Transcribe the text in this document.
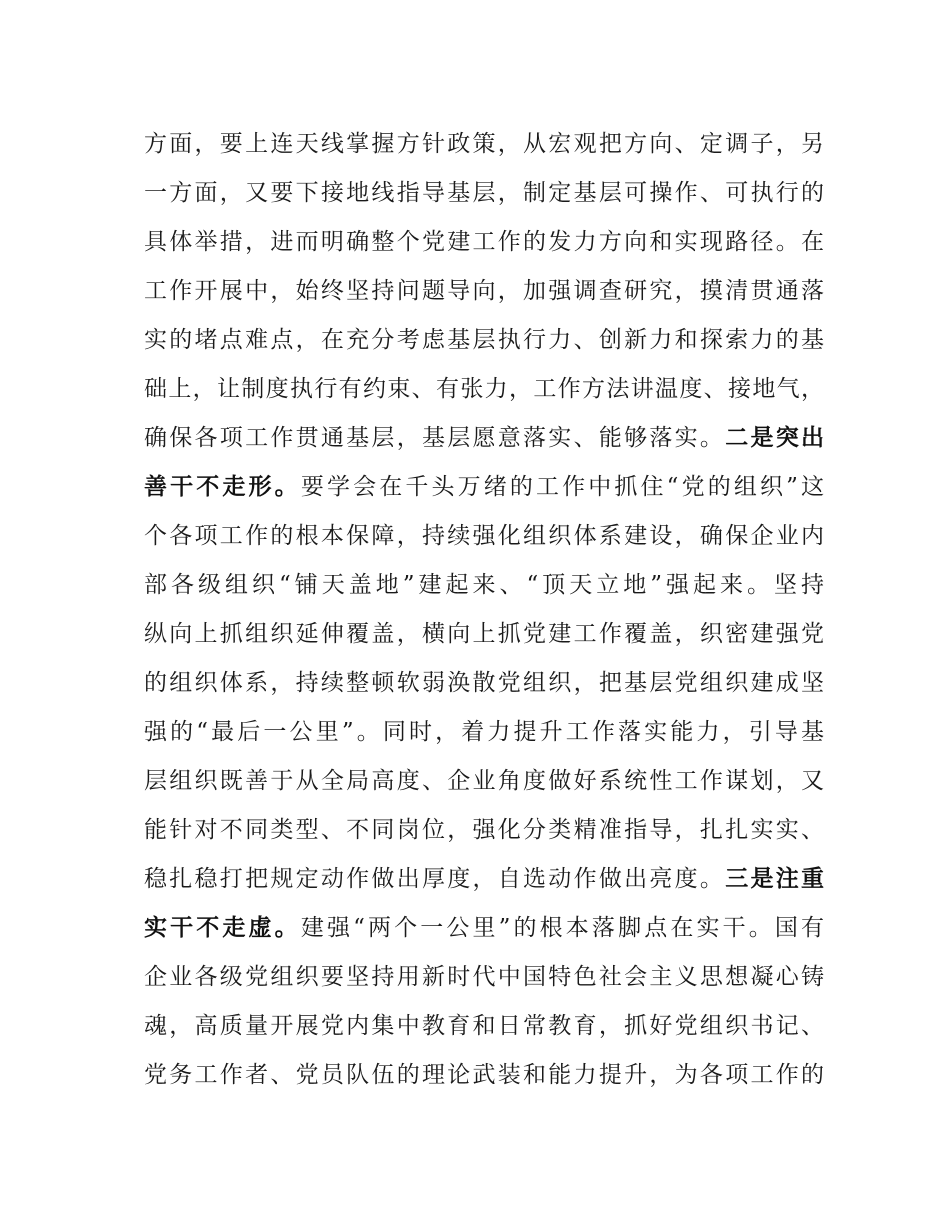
方面，要上连天线掌握方针政策，从宏观把方向、定调子，另
一方面，又要下接地线指导基层，制定基层可操作、可执行的
具体举措，进而明确整个党建工作的发力方向和实现路径。在
工作开展中，始终坚持问题导向，加强调查研究，摸清贯通落
实的堵点难点，在充分考虑基层执行力、创新力和探索力的基
础上，让制度执行有约束、有张力，工作方法讲温度、接地气，
确保各项工作贯通基层，基层愿意落实、能够落实。二是突出
善干不走形。要学会在千头万绪的工作中抓住“党的组织”这
个各项工作的根本保障，持续强化组织体系建设，确保企业内
部各级组织“铺天盖地”建起来、“顶天立地”强起来。坚持
纵向上抓组织延伸覆盖，横向上抓党建工作覆盖，织密建强党
的组织体系，持续整顿软弱涣散党组织，把基层党组织建成坚
强的“最后一公里”。同时，着力提升工作落实能力，引导基
层组织既善于从全局高度、企业角度做好系统性工作谋划，又
能针对不同类型、不同岗位，强化分类精准指导，扎扎实实、
稳扎稳打把规定动作做出厚度，自选动作做出亮度。三是注重
实干不走虚。建强“两个一公里”的根本落脚点在实干。国有
企业各级党组织要坚持用新时代中国特色社会主义思想凝心铸
魂，高质量开展党内集中教育和日常教育，抓好党组织书记、
党务工作者、党员队伍的理论武装和能力提升，为各项工作的
